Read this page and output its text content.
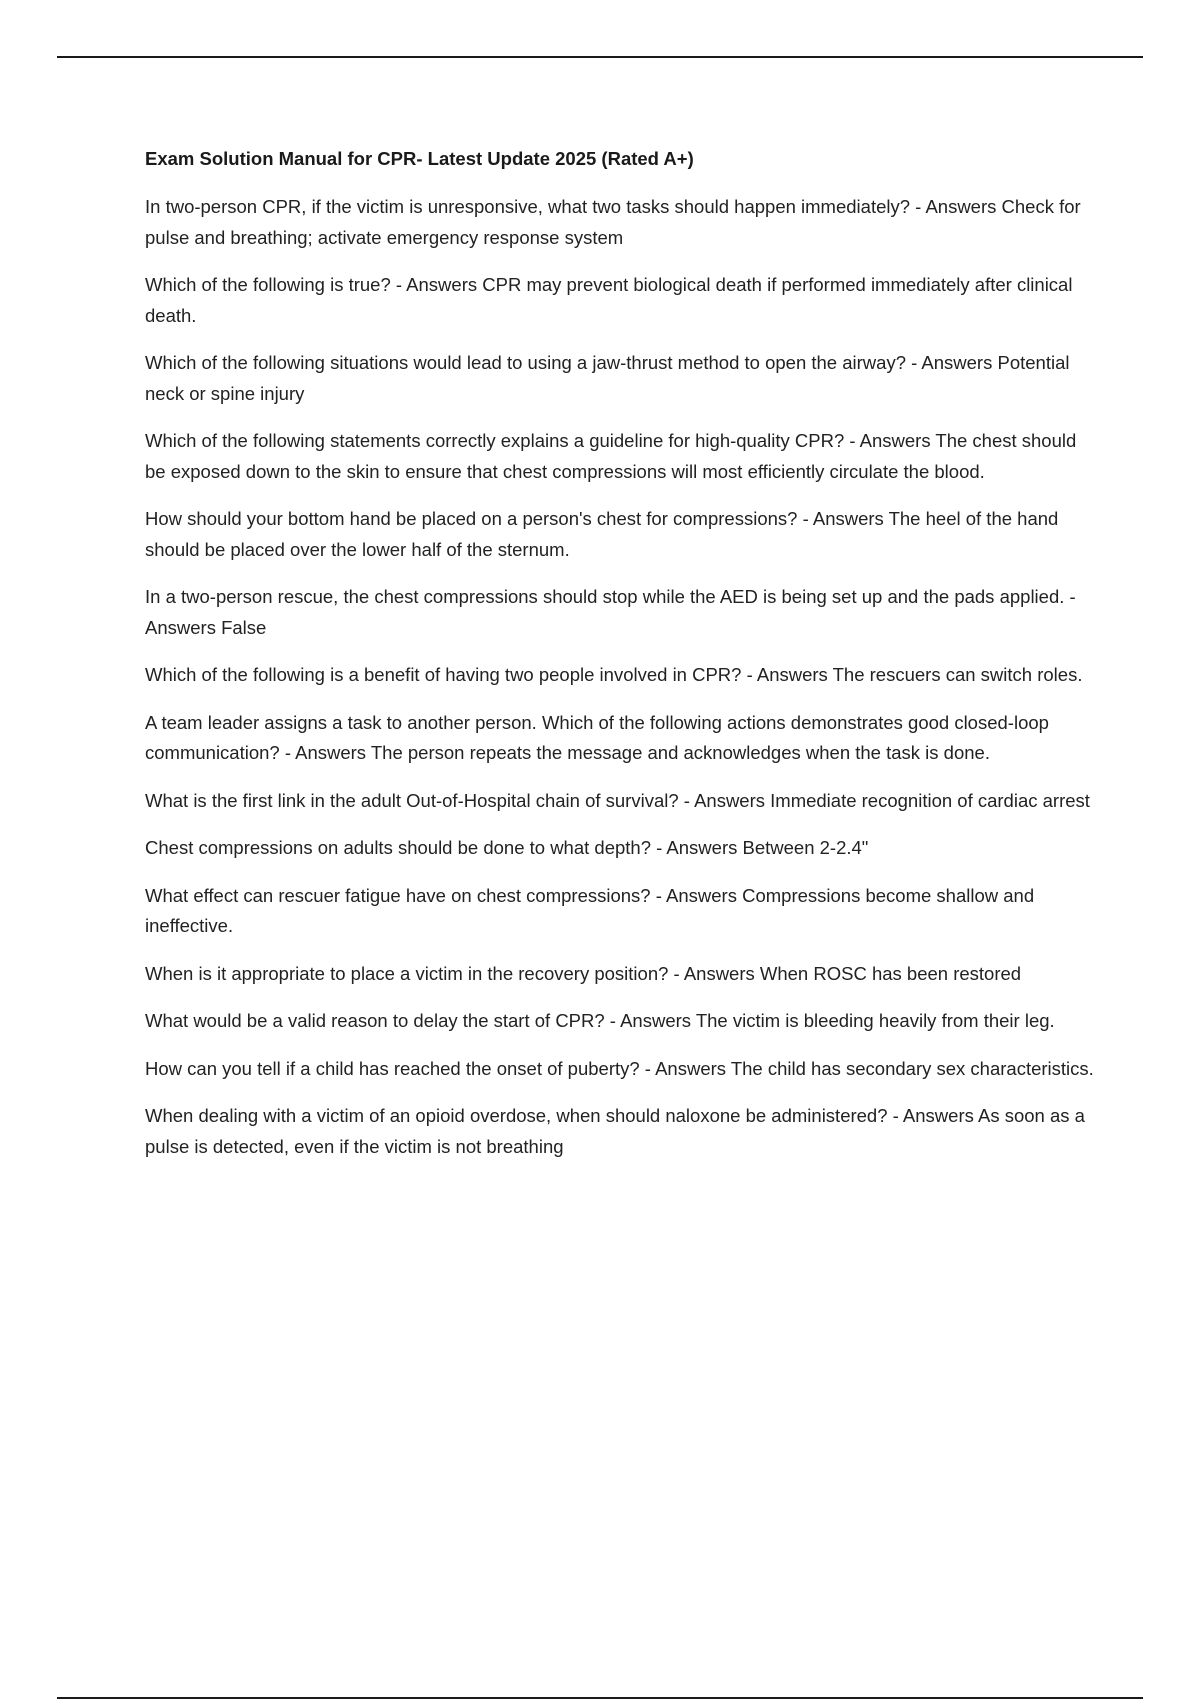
Exam Solution Manual for CPR- Latest Update 2025 (Rated A+)

In two-person CPR, if the victim is unresponsive, what two tasks should happen immediately? - Answers Check for pulse and breathing; activate emergency response system

Which of the following is true? - Answers CPR may prevent biological death if performed immediately after clinical death.

Which of the following situations would lead to using a jaw-thrust method to open the airway? - Answers Potential neck or spine injury

Which of the following statements correctly explains a guideline for high-quality CPR? - Answers The chest should be exposed down to the skin to ensure that chest compressions will most efficiently circulate the blood.

How should your bottom hand be placed on a person's chest for compressions? - Answers The heel of the hand should be placed over the lower half of the sternum.

In a two-person rescue, the chest compressions should stop while the AED is being set up and the pads applied. - Answers False

Which of the following is a benefit of having two people involved in CPR? - Answers The rescuers can switch roles.

A team leader assigns a task to another person. Which of the following actions demonstrates good closed-loop communication? - Answers The person repeats the message and acknowledges when the task is done.

What is the first link in the adult Out-of-Hospital chain of survival? - Answers Immediate recognition of cardiac arrest

Chest compressions on adults should be done to what depth? - Answers Between 2-2.4"

What effect can rescuer fatigue have on chest compressions? - Answers Compressions become shallow and ineffective.

When is it appropriate to place a victim in the recovery position? - Answers When ROSC has been restored

What would be a valid reason to delay the start of CPR? - Answers The victim is bleeding heavily from their leg.

How can you tell if a child has reached the onset of puberty? - Answers The child has secondary sex characteristics.

When dealing with a victim of an opioid overdose, when should naloxone be administered? - Answers As soon as a pulse is detected, even if the victim is not breathing
